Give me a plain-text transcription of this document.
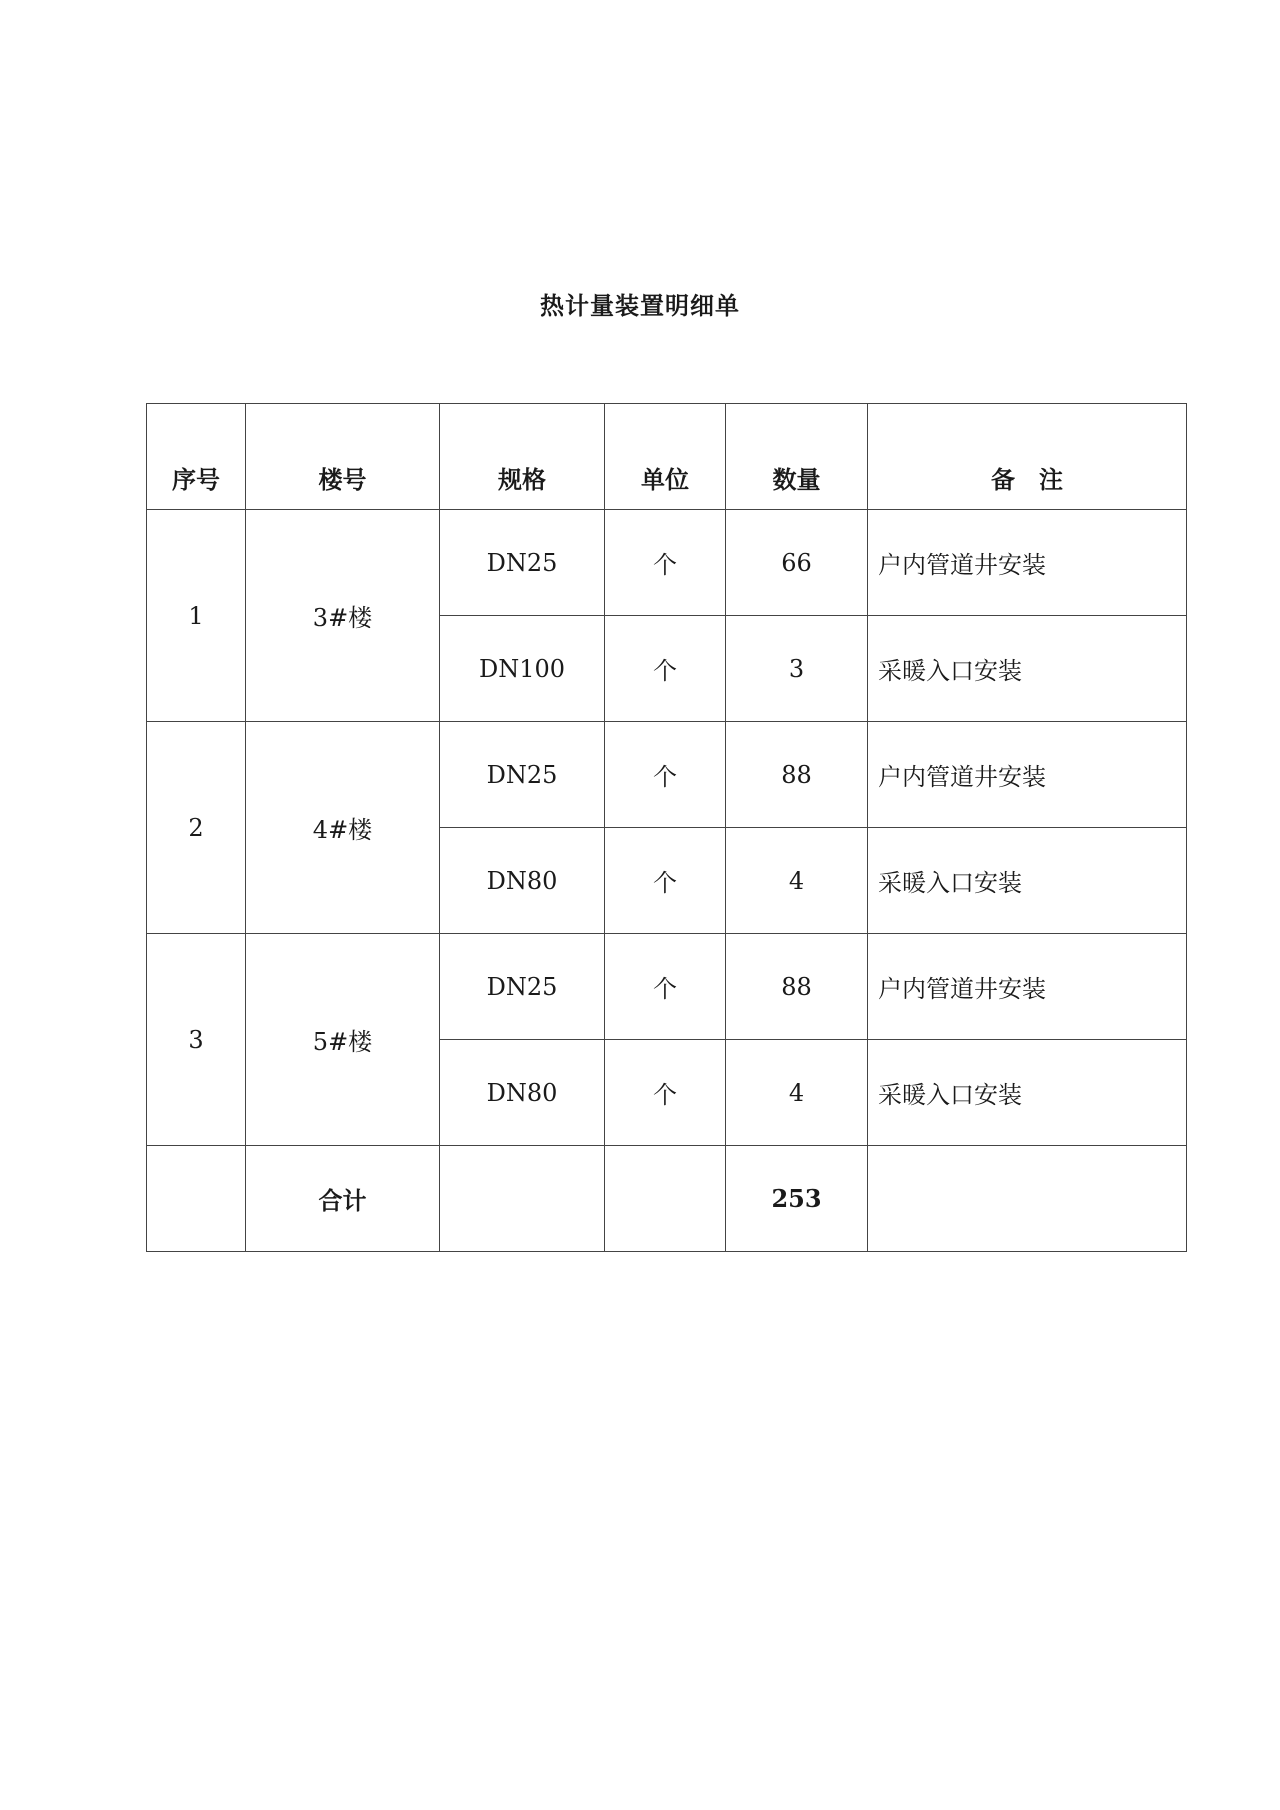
热计量装置明细单
序号	楼号	规格	单位	数量	备　注
1	3#楼	DN25	个	66	户内管道井安装
		DN100	个	3	采暖入口安装
2	4#楼	DN25	个	88	户内管道井安装
		DN80	个	4	采暖入口安装
3	5#楼	DN25	个	88	户内管道井安装
		DN80	个	4	采暖入口安装
	合计			253	
